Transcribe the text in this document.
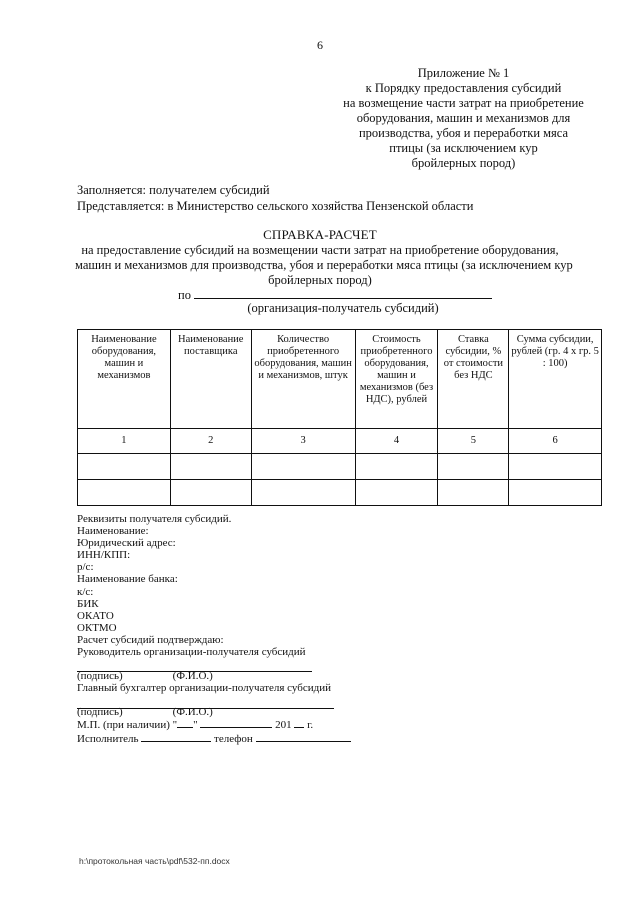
6
Приложение № 1
к Порядку предоставления субсидий
на возмещение части затрат на приобретение
оборудования, машин и механизмов для
производства, убоя и переработки мяса
птицы (за исключением кур
бройлерных пород)
Заполняется: получателем субсидий
Представляется: в Министерство сельского хозяйства Пензенской области
СПРАВКА-РАСЧЕТ
на предоставление субсидий на возмещении части затрат на приобретение оборудования,
машин и механизмов для производства, убоя и переработки мяса птицы (за исключением кур
бройлерных пород)
по
(организация-получатель субсидий)
Наименование оборудования, машин и механизмов	Наименование поставщика	Количество приобретенного оборудования, машин и механизмов, штук	Стоимость приобретенного оборудования, машин и механизмов (без НДС), рублей	Ставка субсидии, % от стоимости без НДС	Сумма субсидии, рублей (гр. 4 х гр. 5 : 100)
1	2	3	4	5	6

Реквизиты получателя субсидий.
Наименование:
Юридический адрес:
ИНН/КПП:
р/с:
Наименование банка:
к/с:
БИК
ОКАТО
ОКТМО
Расчет субсидий подтверждаю:
Руководитель организации-получателя субсидий
(подпись)	(Ф.И.О.)
Главный бухгалтер организации-получателя субсидий
(подпись)	(Ф.И.О.)
М.П. (при наличии) " "	201 г.
Исполнитель	телефон
h:\протокольная часть\pdf\532-пп.docx
